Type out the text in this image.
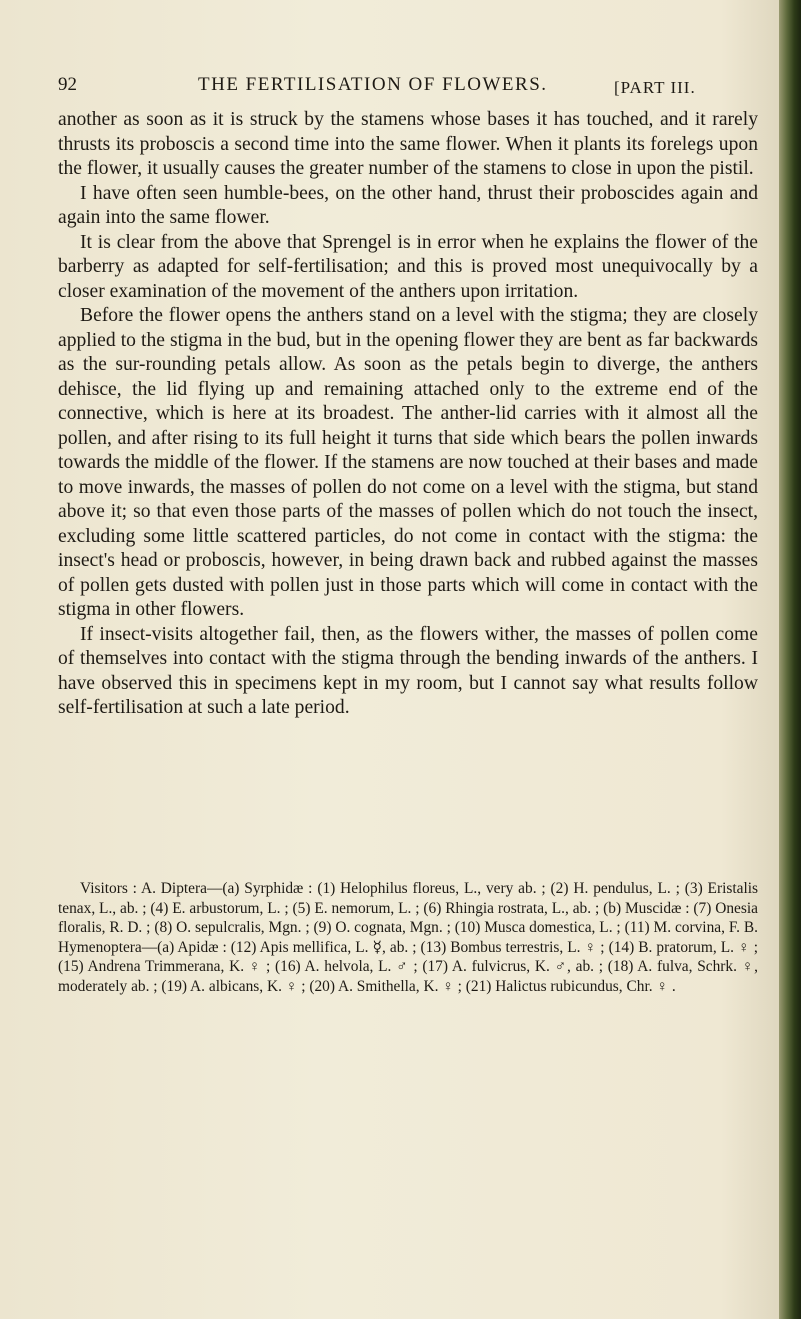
92	THE FERTILISATION OF FLOWERS.	[PART III.

another as soon as it is struck by the stamens whose bases it has touched, and it rarely thrusts its proboscis a second time into the same flower. When it plants its forelegs upon the flower, it usually causes the greater number of the stamens to close in upon the pistil.

I have often seen humble-bees, on the other hand, thrust their proboscides again and again into the same flower.

It is clear from the above that Sprengel is in error when he explains the flower of the barberry as adapted for self-fertilisation; and this is proved most unequivocally by a closer examination of the movement of the anthers upon irritation.

Before the flower opens the anthers stand on a level with the stigma; they are closely applied to the stigma in the bud, but in the opening flower they are bent as far backwards as the sur-rounding petals allow. As soon as the petals begin to diverge, the anthers dehisce, the lid flying up and remaining attached only to the extreme end of the connective, which is here at its broadest. The anther-lid carries with it almost all the pollen, and after rising to its full height it turns that side which bears the pollen inwards towards the middle of the flower. If the stamens are now touched at their bases and made to move inwards, the masses of pollen do not come on a level with the stigma, but stand above it; so that even those parts of the masses of pollen which do not touch the insect, excluding some little scattered particles, do not come in contact with the stigma: the insect's head or proboscis, however, in being drawn back and rubbed against the masses of pollen gets dusted with pollen just in those parts which will come in contact with the stigma in other flowers.

If insect-visits altogether fail, then, as the flowers wither, the masses of pollen come of themselves into contact with the stigma through the bending inwards of the anthers. I have observed this in specimens kept in my room, but I cannot say what results follow self-fertilisation at such a late period.

Visitors : A. Diptera—(a) Syrphidæ : (1) Helophilus floreus, L., very ab. ; (2) H. pendulus, L. ; (3) Eristalis tenax, L., ab. ; (4) E. arbustorum, L. ; (5) E. nemorum, L. ; (6) Rhingia rostrata, L., ab. ; (b) Muscidæ : (7) Onesia floralis, R. D. ; (8) O. sepulcralis, Mgn. ; (9) O. cognata, Mgn. ; (10) Musca domestica, L. ; (11) M. corvina, F. B. Hymenoptera—(a) Apidæ : (12) Apis mellifica, L. ☿, ab. ; (13) Bombus terrestris, L. ♀ ; (14) B. pratorum, L. ♀ ; (15) Andrena Trimmerana, K. ♀ ; (16) A. helvola, L. ♂ ; (17) A. fulvicrus, K. ♂, ab. ; (18) A. fulva, Schrk. ♀, moderately ab. ; (19) A. albicans, K. ♀ ; (20) A. Smithella, K. ♀ ; (21) Halictus rubicundus, Chr. ♀ .
